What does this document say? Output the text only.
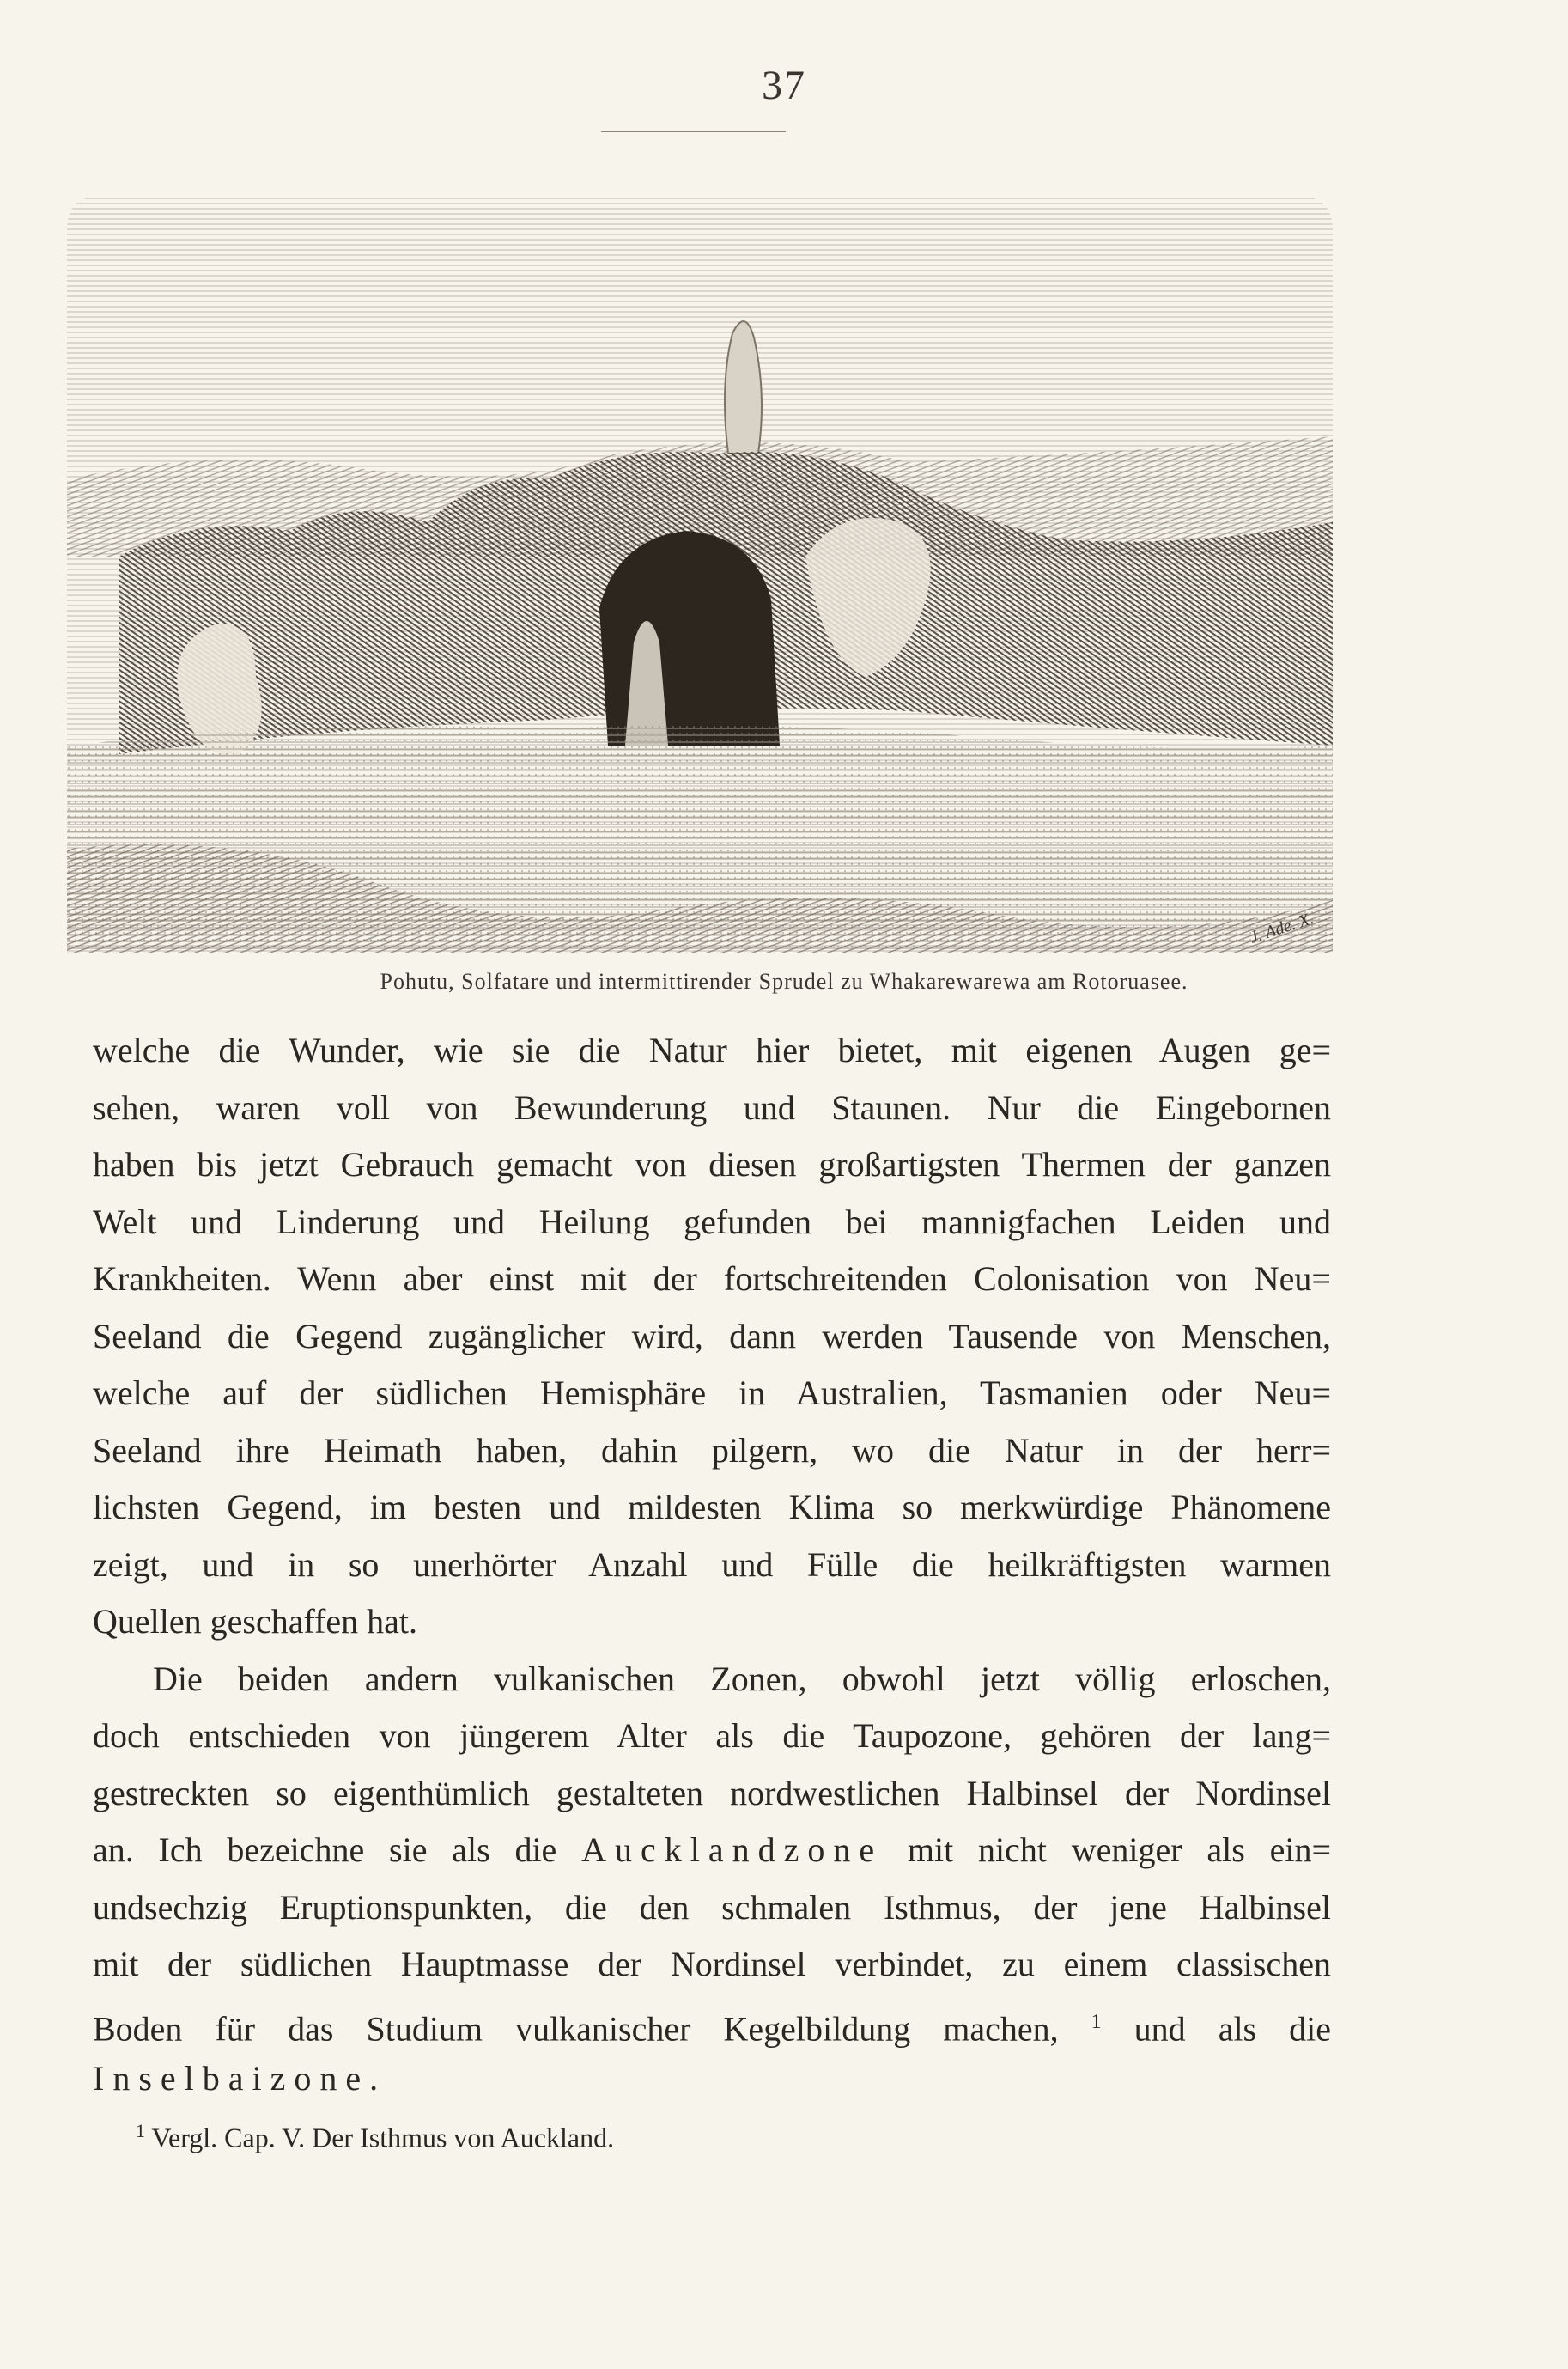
37
J. Ade. X.
Pohutu, Solfatare und intermittirender Sprudel zu Whakarewarewa am Rotoruasee.
welche die Wunder, wie sie die Natur hier bietet, mit eigenen Augen ge=
sehen, waren voll von Bewunderung und Staunen. Nur die Eingebornen
haben bis jetzt Gebrauch gemacht von diesen großartigsten Thermen der ganzen
Welt und Linderung und Heilung gefunden bei mannigfachen Leiden und
Krankheiten. Wenn aber einst mit der fortschreitenden Colonisation von Neu=
Seeland die Gegend zugänglicher wird, dann werden Tausende von Menschen,
welche auf der südlichen Hemisphäre in Australien, Tasmanien oder Neu=
Seeland ihre Heimath haben, dahin pilgern, wo die Natur in der herr=
lichsten Gegend, im besten und mildesten Klima so merkwürdige Phänomene
zeigt, und in so unerhörter Anzahl und Fülle die heilkräftigsten warmen
Quellen geschaffen hat.
Die beiden andern vulkanischen Zonen, obwohl jetzt völlig erloschen,
doch entschieden von jüngerem Alter als die Taupozone, gehören der lang=
gestreckten so eigenthümlich gestalteten nordwestlichen Halbinsel der Nordinsel
an. Ich bezeichne sie als die Aucklandzone mit nicht weniger als ein=
undsechzig Eruptionspunkten, die den schmalen Isthmus, der jene Halbinsel
mit der südlichen Hauptmasse der Nordinsel verbindet, zu einem classischen
Boden für das Studium vulkanischer Kegelbildung machen, $^1$ und als die
Inselbaizone.
$^1$ Vergl. Cap. V. Der Isthmus von Auckland.
